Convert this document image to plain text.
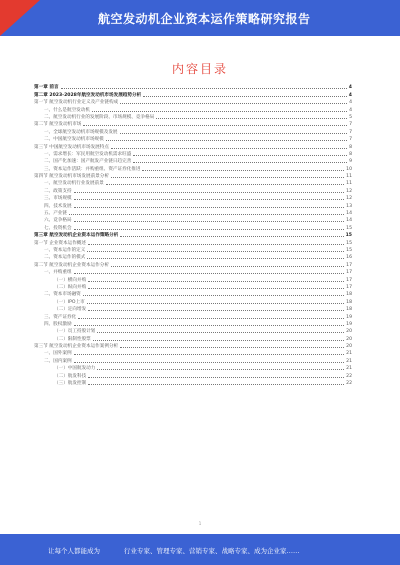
航空发动机企业资本运作策略研究报告
内容目录
第一章 前言	4
第二章 2023-2028年航空发动机市场发展趋势分析	4
第一节 航空发动机行业定义及产业链构成	4
一、什么是航空发动机	4
二、航空发动机行业的发展阶段、市场规模、竞争格局	5
第二节 航空发动机市场	7
一、全球航空发动机市场规模及发展	7
二、中国航空发动机市场规模	7
第三节 中国航空发动机市场发展特点	8
一、需求增长：军民用航空发动机需求旺盛	8
二、国产化加速：国产航发产业链日趋完善	9
三、资本运作活跃：并购重组、资产证券化推进	10
第四节 航空发动机市场发展前景分析	11
一、航空发动机行业发展前景	11
二、政策支持	12
三、市场规模	12
四、技术发展	13
五、产业链	14
六、竞争格局	14
七、投资机会	15
第三章 航空发动机企业资本运作策略分析	15
第一节 企业资本运作概述	15
一、资本运作的定义	15
二、资本运作的模式	16
第二节 航空发动机企业资本运作分析	17
一、并购重组	17
（一）横向并购	17
（二）纵向并购	17
二、资本市场融资	18
（一）IPO上市	18
（二）定向增发	18
三、资产证券化	19
四、股权激励	19
（一）员工持股计划	20
（二）限制性股票	20
第三节 航空发动机企业资本运作案例分析	20
一、国外案例	21
二、国内案例	21
（一）中国航发动力	21
（二）航发科技	22
（三）航发控制	22
1
让每个人都能成为	行业专家、管理专家、营销专家、战略专家、成为企业家……
